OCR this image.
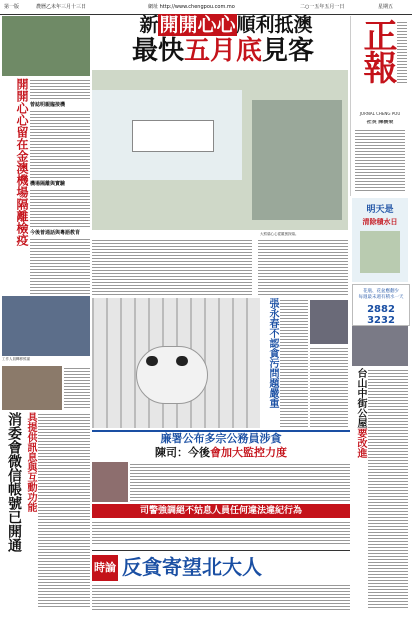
第一版	農曆乙未年三月十三日	網址 http://www.chengpou.com.mo	二○一五年五月一日	星期五
新開開心心順利抵澳
最快五月底見客	正報
JORNAL CHENG POU
社長 陳樹榮
明天是
清除積水日
花瓶、花盆應翻少
每週最末週有積水一天
2882 3232
開開心心留在金澳機場隔離檢疫 曾誌明親臨接機
機場隔離與實驗
今後普通話與粵語教育
工作人員轉移熊貓
消委會微信帳號已開通 具提供訊息與互動功能
大熊貓心心從籠裏探頭。
張永春不認貪污問題嚴重	台山中街公屋要改進
廉署公布多宗公務員涉貪
陳司：今後會加大監控力度
司警強調絕不姑息人員任何違法違紀行為
時論 反貪寄望北大人
